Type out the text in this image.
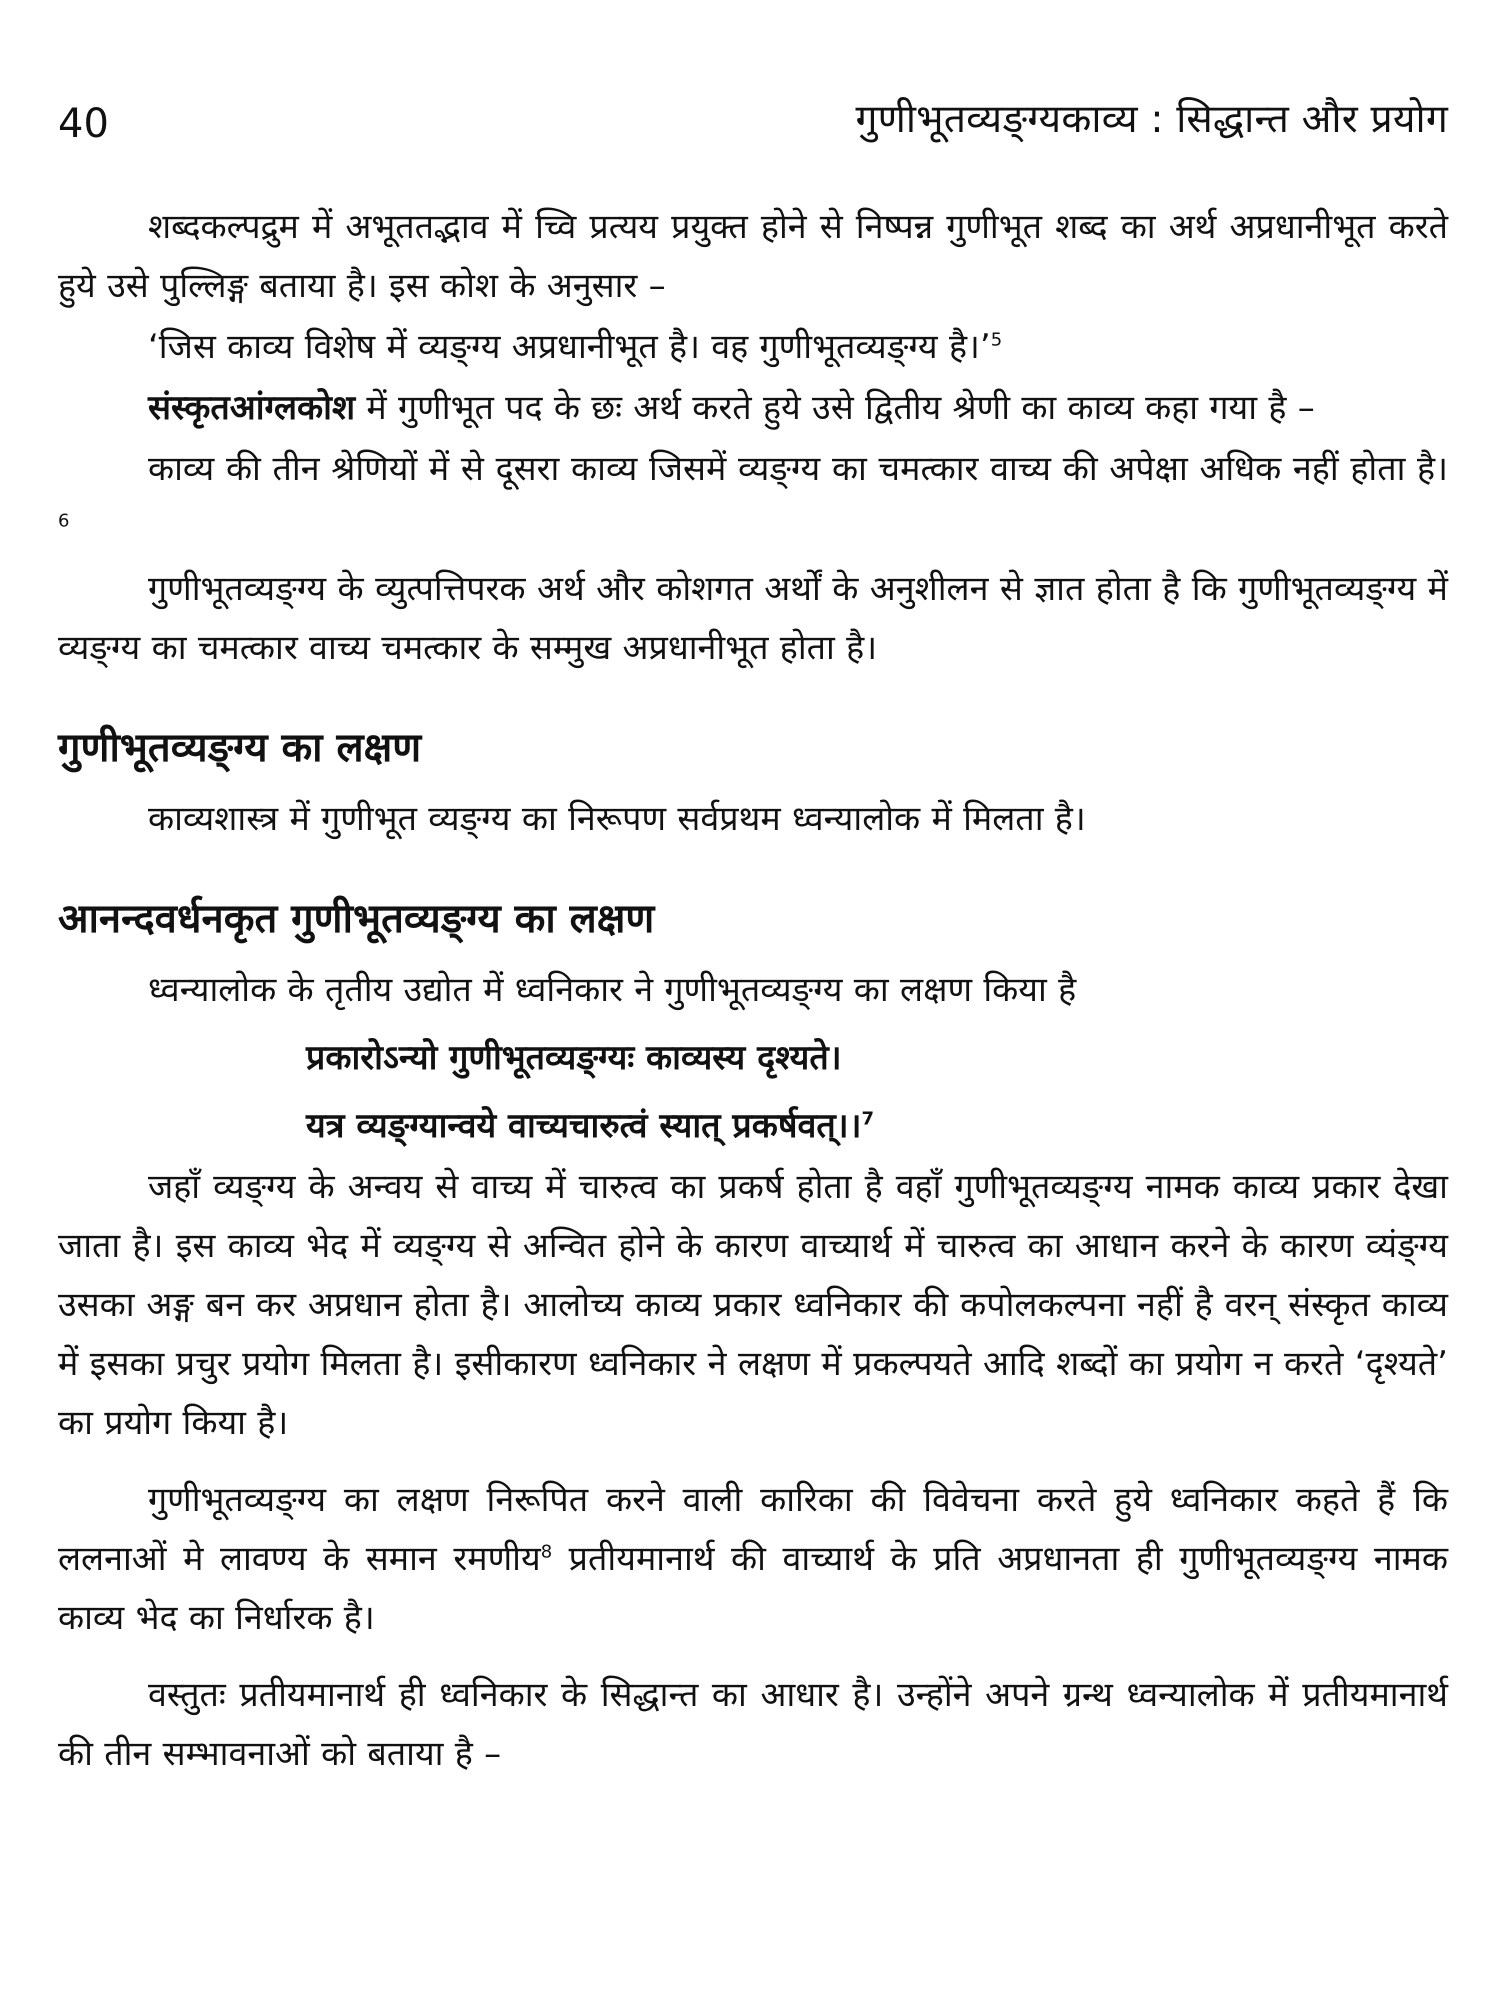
40	गुणीभूतव्यङ्ग्यकाव्य : सिद्धान्त और प्रयोग

शब्दकल्पद्रुम में अभूततद्भाव में च्वि प्रत्यय प्रयुक्त होने से निष्पन्न गुणीभूत शब्द का अर्थ अप्रधानीभूत करते हुये उसे पुल्लिङ्ग बताया है। इस कोश के अनुसार –

‘जिस काव्य विशेष में व्यङ्ग्य अप्रधानीभूत है। वह गुणीभूतव्यङ्ग्य है।’$^5$

संस्कृतआंग्लकोश में गुणीभूत पद के छः अर्थ करते हुये उसे द्वितीय श्रेणी का काव्य कहा गया है –

काव्य की तीन श्रेणियों में से दूसरा काव्य जिसमें व्यङ्ग्य का चमत्कार वाच्य की अपेक्षा अधिक नहीं होता है।$^6$

गुणीभूतव्यङ्ग्य के व्युत्पत्तिपरक अर्थ और कोशगत अर्थों के अनुशीलन से ज्ञात होता है कि गुणीभूतव्यङ्ग्य में व्यङ्ग्य का चमत्कार वाच्य चमत्कार के सम्मुख अप्रधानीभूत होता है।

गुणीभूतव्यङ्ग्य का लक्षण

काव्यशास्त्र में गुणीभूत व्यङ्ग्य का निरूपण सर्वप्रथम ध्वन्यालोक में मिलता है।

आनन्दवर्धनकृत गुणीभूतव्यङ्ग्य का लक्षण

ध्वन्यालोक के तृतीय उद्योत में ध्वनिकार ने गुणीभूतव्यङ्ग्य का लक्षण किया है

प्रकारोऽन्यो गुणीभूतव्यङ्ग्यः काव्यस्य दृश्यते।
यत्र व्यङ्ग्यान्वये वाच्यचारुत्वं स्यात् प्रकर्षवत्।।$^7$

जहाँ व्यङ्ग्य के अन्वय से वाच्य में चारुत्व का प्रकर्ष होता है वहाँ गुणीभूतव्यङ्ग्य नामक काव्य प्रकार देखा जाता है। इस काव्य भेद में व्यङ्ग्य से अन्वित होने के कारण वाच्यार्थ में चारुत्व का आधान करने के कारण व्यंङ्ग्य उसका अङ्ग बन कर अप्रधान होता है। आलोच्य काव्य प्रकार ध्वनिकार की कपोलकल्पना नहीं है वरन् संस्कृत काव्य में इसका प्रचुर प्रयोग मिलता है। इसीकारण ध्वनिकार ने लक्षण में प्रकल्पयते आदि शब्दों का प्रयोग न करते ‘दृश्यते’ का प्रयोग किया है।

गुणीभूतव्यङ्ग्य का लक्षण निरूपित करने वाली कारिका की विवेचना करते हुये ध्वनिकार कहते हैं कि ललनाओं मे लावण्य के समान रमणीय$^8$ प्रतीयमानार्थ की वाच्यार्थ के प्रति अप्रधानता ही गुणीभूतव्यङ्ग्य नामक काव्य भेद का निर्धारक है।

वस्तुतः प्रतीयमानार्थ ही ध्वनिकार के सिद्धान्त का आधार है। उन्होंने अपने ग्रन्थ ध्वन्यालोक में प्रतीयमानार्थ की तीन सम्भावनाओं को बताया है –
